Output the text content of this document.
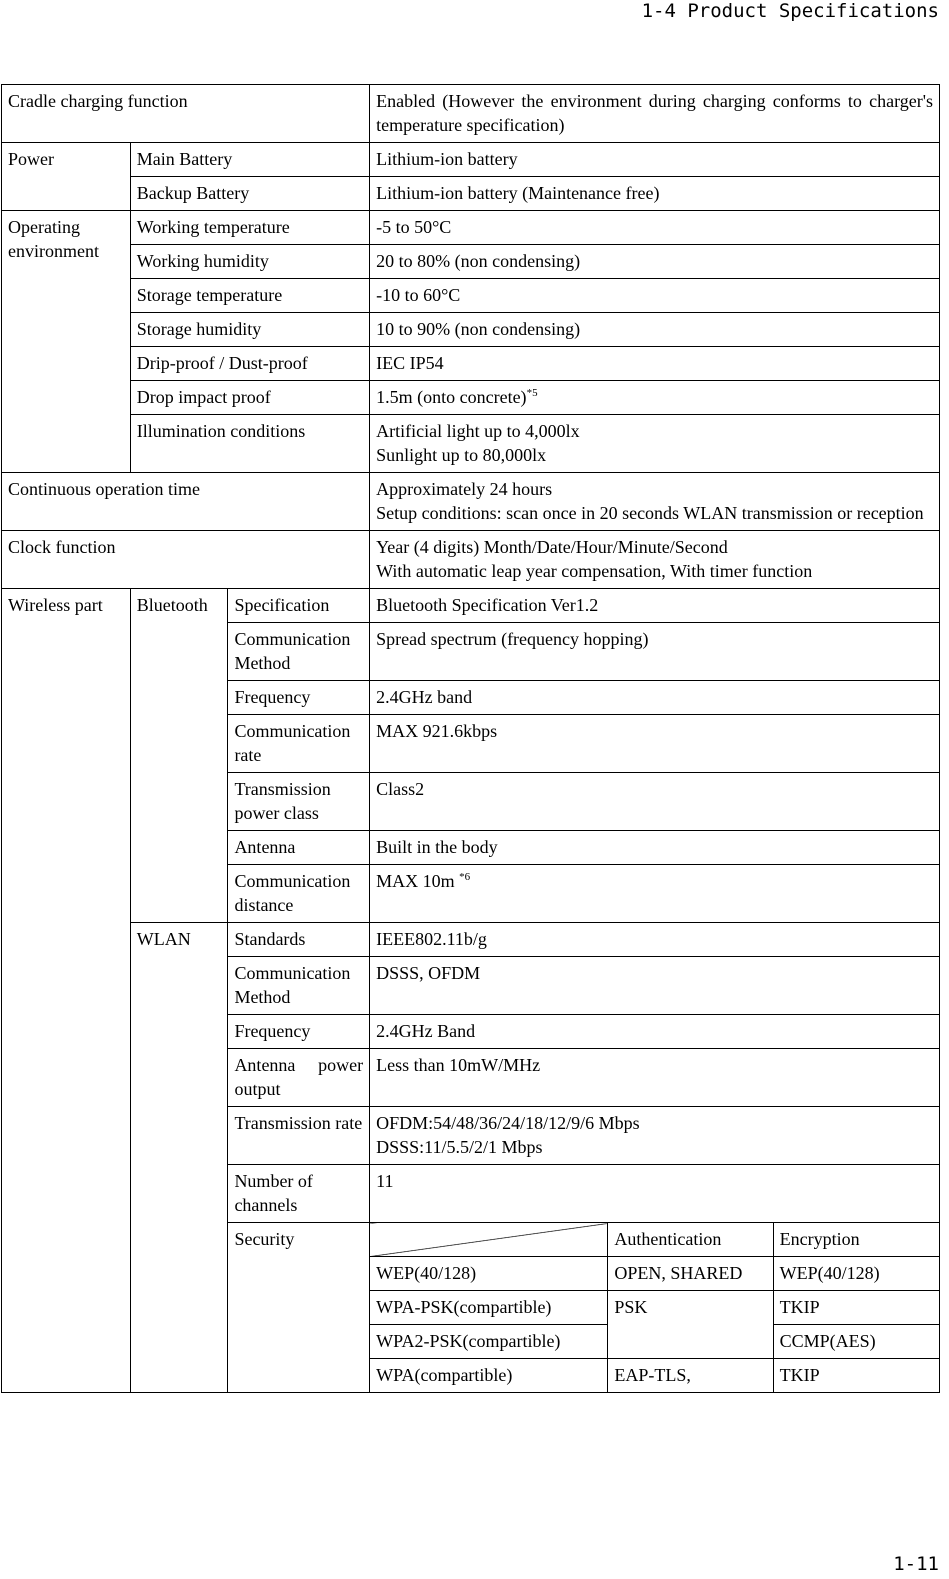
1-4 Product Specifications
Cradle charging function			Enabled (However the environment during charging conforms to charger's temperature specification)		
Power	Main Battery		Lithium-ion battery		
	Backup Battery		Lithium-ion battery (Maintenance free)		
Operating environment	Working temperature		-5 to 50°C		
	Working humidity		20 to 80% (non condensing)		
	Storage temperature		-10 to 60°C		
	Storage humidity		10 to 90% (non condensing)		
	Drip-proof / Dust-proof		IEC IP54		
	Drop impact proof		1.5m (onto concrete)$^{*5}$
	Illumination conditions		Artificial light up to 4,000lx
Sunlight up to 80,000lx		

Continuous operation time			Approximately 24 hours
Setup conditions: scan once in 20 seconds WLAN transmission or reception		

Clock function			Year (4 digits) Month/Date/Hour/Minute/Second
With automatic leap year compensation, With timer function		

Wireless part	Bluetooth	Specification	Bluetooth Specification Ver1.2		
		Communication Method	Spread spectrum (frequency hopping)		
		Frequency	2.4GHz band		
		Communication rate	MAX 921.6kbps		
		Transmission power class	Class2		
		Antenna	Built in the body		
		Communication distance	MAX 10m $^{*6}$
	WLAN	Standards	IEEE802.11b/g		
		Communication Method	DSSS, OFDM		
		Frequency	2.4GHz Band		
		Antenna power output	Less than 10mW/MHz		
		Transmission rate	OFDM:54/48/36/24/18/12/9/6 Mbps
DSSS:11/5.5/2/1 Mbps		

		Number of channels	11		
		Security		Authentication	Encryption
			WEP(40/128)	OPEN, SHARED	WEP(40/128)
			WPA-PSK(compartible)	PSK	TKIP
			WPA2-PSK(compartible)		CCMP(AES)
			WPA(compartible)	EAP-TLS,	TKIP
1-11
